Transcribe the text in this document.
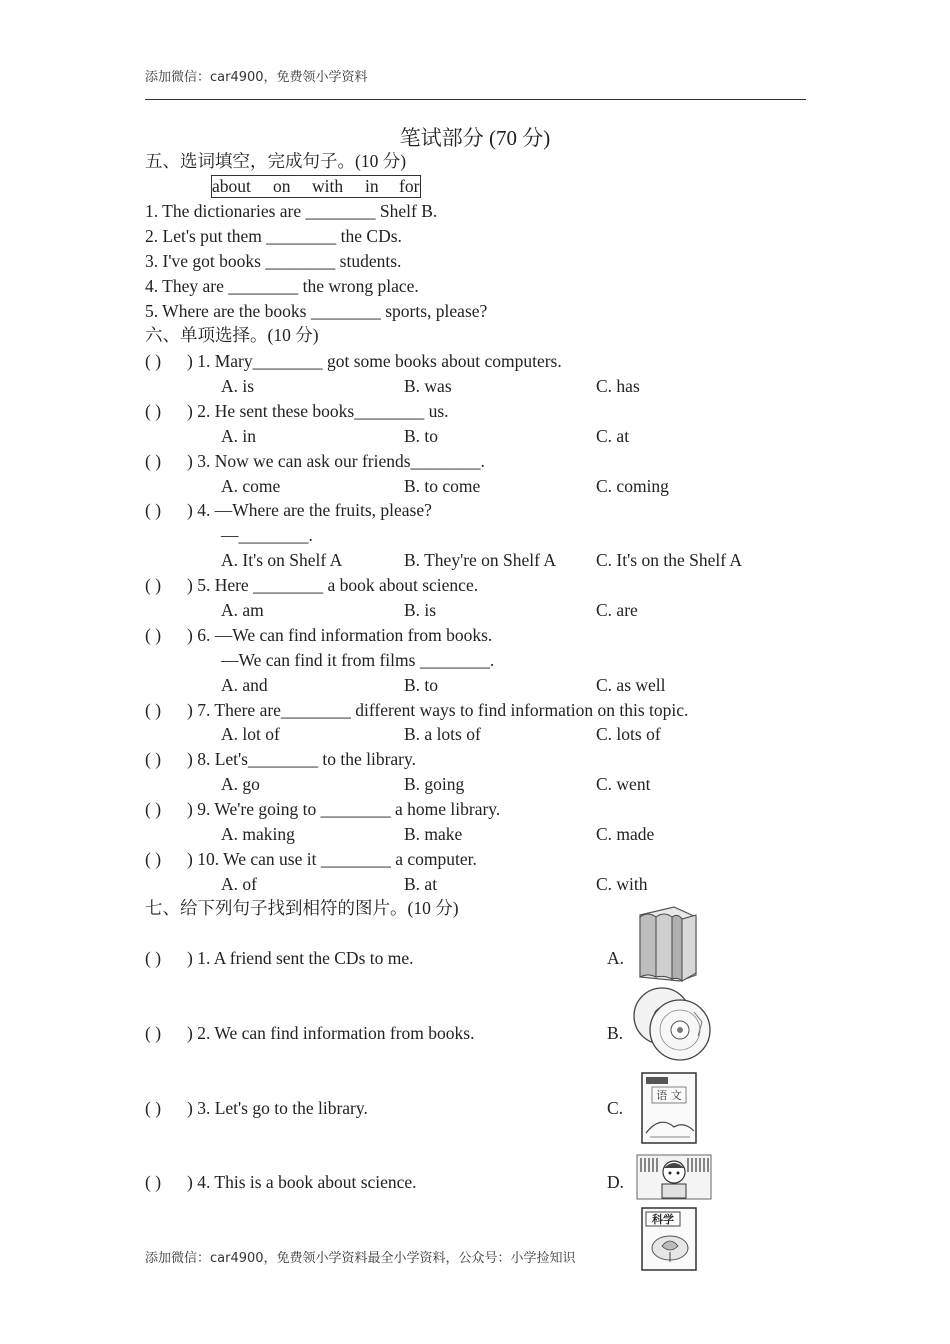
添加微信：car4900，免费领小学资料
笔试部分 (70 分)
五、选词填空，完成句子。(10 分)
about on with in for
1. The dictionaries are ________ Shelf B.
2. Let's put them ________ the CDs.
3. I've got books ________ students.
4. They are ________ the wrong place.
5. Where are the books ________ sports, please?
六、单项选择。(10 分)
( ) ) 1. Mary________ got some books about computers.
A. is	B. was	C. has
( ) ) 2. He sent these books________ us.
A. in	B. to	C. at
( ) ) 3. Now we can ask our friends________.
A. come	B. to come	C. coming
( ) ) 4. —Where are the fruits, please?
—________.
A. It's on Shelf A	B. They're on Shelf A C. It's on the Shelf A
( ) ) 5. Here ________ a book about science.
A. am	B. is	C. are
( ) ) 6. —We can find information from books.
—We can find it from films ________.
A. and	B. to	C. as well
( ) ) 7. There are________ different ways to find information on this topic.
A. lot of	B. a lots of	C. lots of
( ) ) 8. Let's________ to the library.
A. go	B. going	C. went
( ) ) 9. We're going to ________ a home library.
A. making	B. make	C. made
( ) ) 10. We can use it ________ a computer.
A. of	B. at	C. with
七、给下列句子找到相符的图片。(10 分)
( ) ) 1. A friend sent the CDs to me.	A.
( ) ) 2. We can find information from books.	B.
( ) ) 3. Let's go to the library.	C.
( ) ) 4. This is a book about science.	D.
语 文
科学
添加微信：car4900，免费领小学资料最全小学资料，公众号：小学捡知识
